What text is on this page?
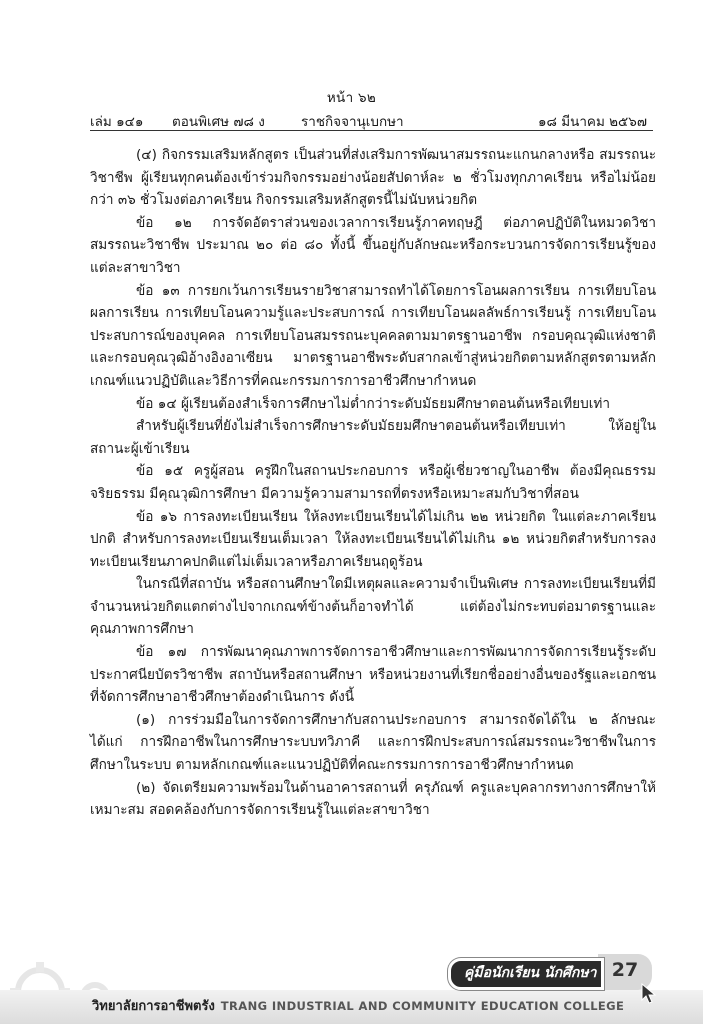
หน้า ๖๒
เล่ม ๑๔๑ ตอนพิเศษ ๗๘ ง	ราชกิจจานุเบกษา	๑๘ มีนาคม ๒๕๖๗

(๔) กิจกรรมเสริมหลักสูตร เป็นส่วนที่ส่งเสริมการพัฒนาสมรรถนะแกนกลางหรือ สมรรถนะวิชาชีพ ผู้เรียนทุกคนต้องเข้าร่วมกิจกรรมอย่างน้อยสัปดาห์ละ ๒ ชั่วโมงทุกภาคเรียน หรือไม่น้อยกว่า ๓๖ ชั่วโมงต่อภาคเรียน กิจกรรมเสริมหลักสูตรนี้ไม่นับหน่วยกิต

ข้อ ๑๒ การจัดอัตราส่วนของเวลาการเรียนรู้ภาคทฤษฎี ต่อภาคปฏิบัติในหมวดวิชาสมรรถนะวิชาชีพ ประมาณ ๒๐ ต่อ ๘๐ ทั้งนี้ ขึ้นอยู่กับลักษณะหรือกระบวนการจัดการเรียนรู้ของแต่ละสาขาวิชา

ข้อ ๑๓ การยกเว้นการเรียนรายวิชาสามารถทำได้โดยการโอนผลการเรียน การเทียบโอนผลการเรียน การเทียบโอนความรู้และประสบการณ์ การเทียบโอนผลลัพธ์การเรียนรู้ การเทียบโอนประสบการณ์ของบุคคล การเทียบโอนสมรรถนะบุคคลตามมาตรฐานอาชีพ กรอบคุณวุฒิแห่งชาติและกรอบคุณวุฒิอ้างอิงอาเซียน มาตรฐานอาชีพระดับสากลเข้าสู่หน่วยกิตตามหลักสูตรตามหลักเกณฑ์แนวปฏิบัติและวิธีการที่คณะกรรมการการอาชีวศึกษากำหนด

ข้อ ๑๔ ผู้เรียนต้องสำเร็จการศึกษาไม่ต่ำกว่าระดับมัธยมศึกษาตอนต้นหรือเทียบเท่า

สำหรับผู้เรียนที่ยังไม่สำเร็จการศึกษาระดับมัธยมศึกษาตอนต้นหรือเทียบเท่า ให้อยู่ในสถานะผู้เข้าเรียน

ข้อ ๑๕ ครูผู้สอน ครูฝึกในสถานประกอบการ หรือผู้เชี่ยวชาญในอาชีพ ต้องมีคุณธรรมจริยธรรม มีคุณวุฒิการศึกษา มีความรู้ความสามารถที่ตรงหรือเหมาะสมกับวิชาที่สอน

ข้อ ๑๖ การลงทะเบียนเรียน ให้ลงทะเบียนเรียนได้ไม่เกิน ๒๒ หน่วยกิต ในแต่ละภาคเรียนปกติ สำหรับการลงทะเบียนเรียนเต็มเวลา ให้ลงทะเบียนเรียนได้ไม่เกิน ๑๒ หน่วยกิตสำหรับการลงทะเบียนเรียนภาคปกติแต่ไม่เต็มเวลาหรือภาคเรียนฤดูร้อน

ในกรณีที่สถาบัน หรือสถานศึกษาใดมีเหตุผลและความจำเป็นพิเศษ การลงทะเบียนเรียนที่มีจำนวนหน่วยกิตแตกต่างไปจากเกณฑ์ข้างต้นก็อาจทำได้ แต่ต้องไม่กระทบต่อมาตรฐานและคุณภาพการศึกษา

ข้อ ๑๗ การพัฒนาคุณภาพการจัดการอาชีวศึกษาและการพัฒนาการจัดการเรียนรู้ระดับประกาศนียบัตรวิชาชีพ สถาบันหรือสถานศึกษา หรือหน่วยงานที่เรียกชื่ออย่างอื่นของรัฐและเอกชนที่จัดการศึกษาอาชีวศึกษาต้องดำเนินการ ดังนี้

(๑) การร่วมมือในการจัดการศึกษากับสถานประกอบการ สามารถจัดได้ใน ๒ ลักษณะ ได้แก่ การฝึกอาชีพในการศึกษาระบบทวิภาคี และการฝึกประสบการณ์สมรรถนะวิชาชีพในการศึกษาในระบบ ตามหลักเกณฑ์และแนวปฏิบัติที่คณะกรรมการการอาชีวศึกษากำหนด

(๒) จัดเตรียมความพร้อมในด้านอาคารสถานที่ ครุภัณฑ์ ครูและบุคลากรทางการศึกษาให้เหมาะสม สอดคล้องกับการจัดการเรียนรู้ในแต่ละสาขาวิชา

วิทยาลัยการอาชีพตรัง TRANG INDUSTRIAL AND COMMUNITY EDUCATION COLLEGE
27
คู่มือนักเรียน นักศึกษา
